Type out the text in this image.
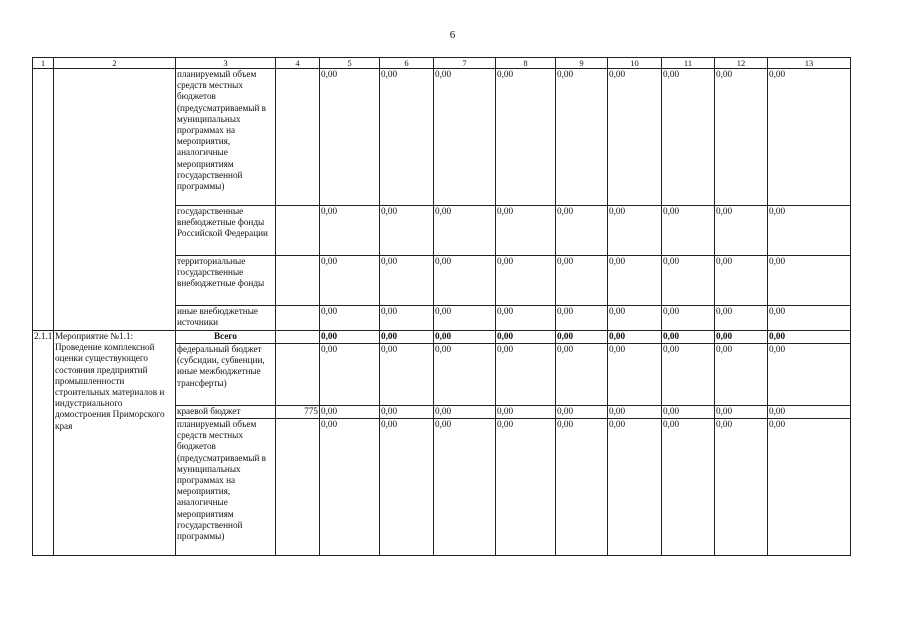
6
1	2	3	4	5	6	7	8	9	10	11	12	13
		планируемый объем средств местных бюджетов (предусматриваемый в муниципальных программах на мероприятия, аналогичные мероприятиям государственной программы)		0,00	0,00	0,00	0,00	0,00	0,00	0,00	0,00	0,00
		государственные внебюджетные фонды Российской Федерации		0,00	0,00	0,00	0,00	0,00	0,00	0,00	0,00	0,00
		территориальные государственные внебюджетные фонды		0,00	0,00	0,00	0,00	0,00	0,00	0,00	0,00	0,00
		иные внебюджетные источники		0,00	0,00	0,00	0,00	0,00	0,00	0,00	0,00	0,00
2.1.1	Мероприятие №1.1: Проведение комплексной оценки существующего состояния предприятий промышленности строительных материалов и индустриального домостроения Приморского края	Всего		0,00	0,00	0,00	0,00	0,00	0,00	0,00	0,00	0,00
		федеральный бюджет (субсидии, субвенции, иные межбюджетные трансферты)		0,00	0,00	0,00	0,00	0,00	0,00	0,00	0,00	0,00
		краевой бюджет	775	0,00	0,00	0,00	0,00	0,00	0,00	0,00	0,00	0,00
		планируемый объем средств местных бюджетов (предусматриваемый в муниципальных программах на мероприятия, аналогичные мероприятиям государственной программы)		0,00	0,00	0,00	0,00	0,00	0,00	0,00	0,00	0,00
